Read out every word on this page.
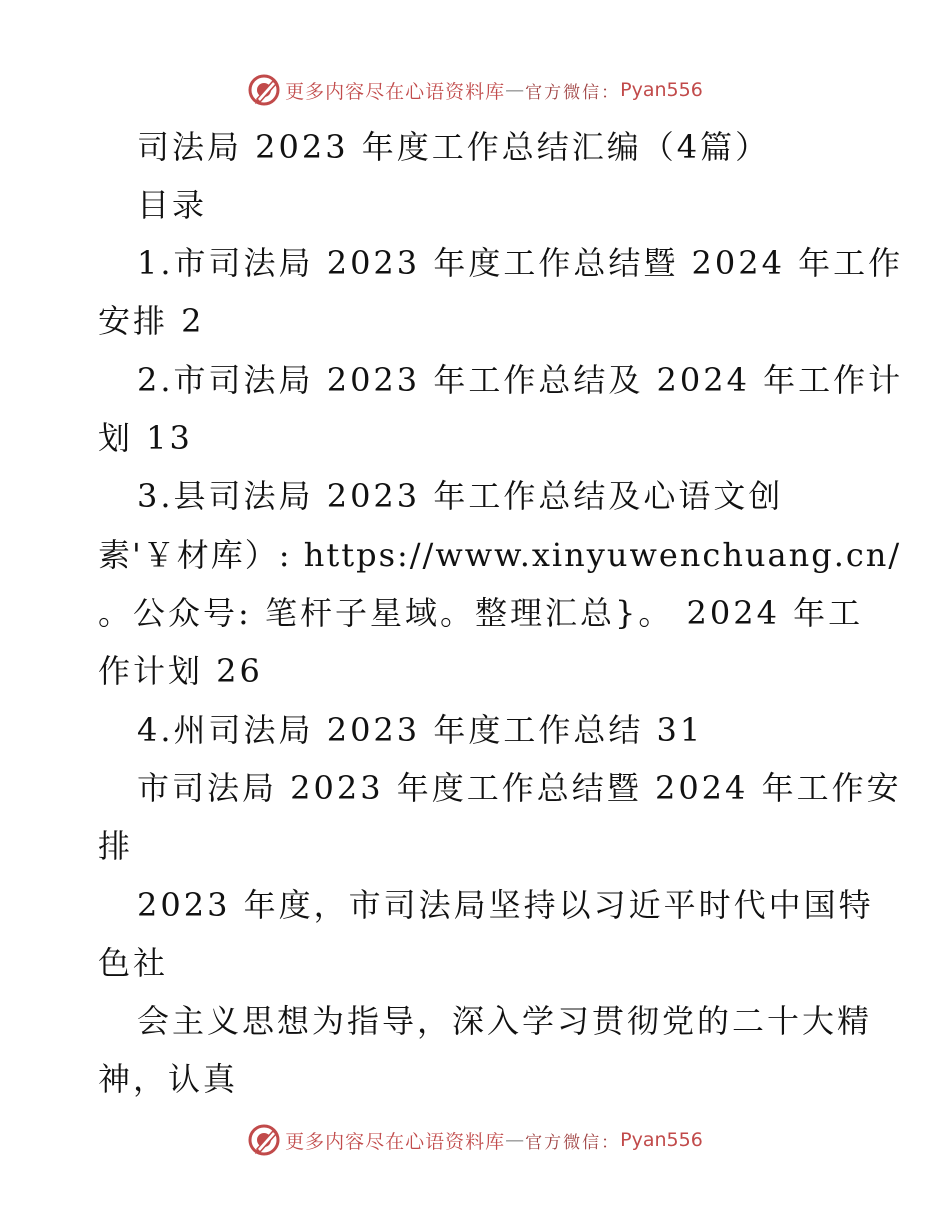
更多内容尽在心语资料库 — 官方微信： Pyan556
司法局 2023 年度工作总结汇编（4篇）
目录
1.市司法局 2023 年度工作总结暨 2024 年工作
安排 2
2.市司法局 2023 年工作总结及 2024 年工作计
划 13
3.县司法局 2023 年工作总结及心语文创
素'￥材库）: https://www.xinyuwenchuang.cn/
。公众号: 笔杆子星域。整理汇总}。 2024 年工
作计划 26
4.州司法局 2023 年度工作总结 31
市司法局 2023 年度工作总结暨 2024 年工作安
排
2023 年度，市司法局坚持以习近平时代中国特
色社
会主义思想为指导，深入学习贯彻党的二十大精
神，认真
更多内容尽在心语资料库 — 官方微信： Pyan556
